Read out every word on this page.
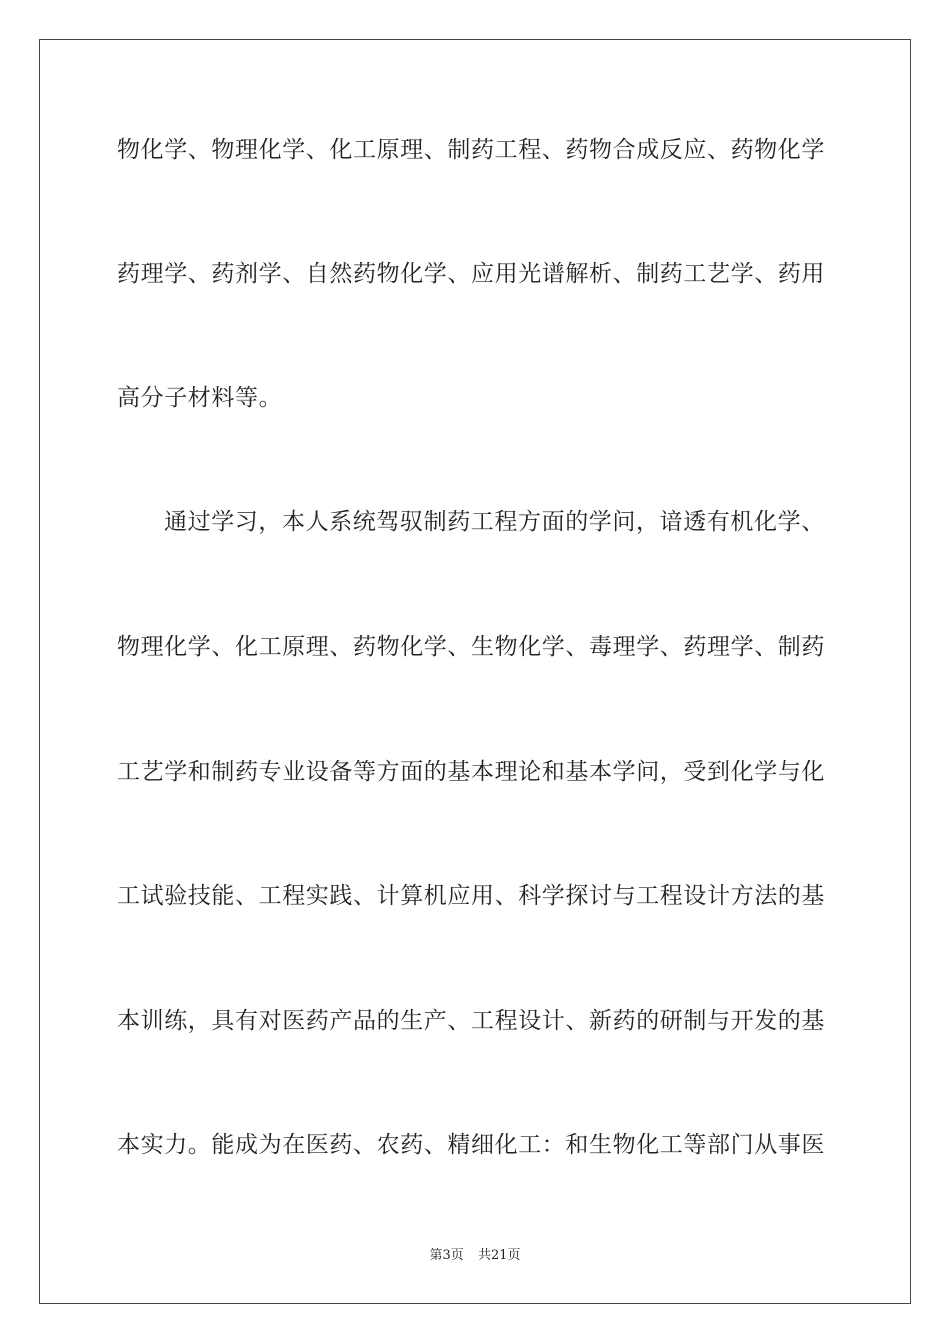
物化学、物理化学、化工原理、制药工程、药物合成反应、药物化学
药理学、药剂学、自然药物化学、应用光谱解析、制药工艺学、药用
高分子材料等。
通过学习，本人系统驾驭制药工程方面的学问，谙透有机化学、
物理化学、化工原理、药物化学、生物化学、毒理学、药理学、制药
工艺学和制药专业设备等方面的基本理论和基本学问，受到化学与化
工试验技能、工程实践、计算机应用、科学探讨与工程设计方法的基
本训练，具有对医药产品的生产、工程设计、新药的研制与开发的基
本实力。能成为在医药、农药、精细化工：和生物化工等部门从事医
第3页 共21页
